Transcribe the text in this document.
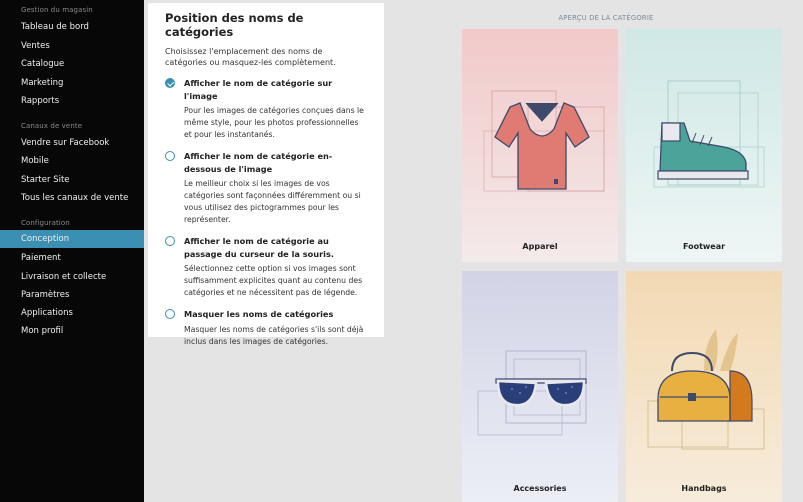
Gestion du magasin
Tableau de bord
Ventes
Catalogue
Marketing
Rapports
Canaux de vente
Vendre sur Facebook
Mobile
Starter Site
Tous les canaux de vente
Configuration
Conception
Paiement
Livraison et collecte
Paramètres
Applications
Mon profil
APERÇU DE LA CATÉGORIE
Apparel	Footwear
Accessories	Handbags
Position des noms de catégories
Choisissez l'emplacement des noms de catégories ou masquez-les complètement.
Afficher le nom de catégorie sur l'image
Pour les images de catégories conçues dans le même style, pour les photos professionnelles et pour les instantanés.
Afficher le nom de catégorie en-dessous de l'image
Le meilleur choix si les images de vos catégories sont façonnées différemment ou si vous utilisez des pictogrammes pour les représenter.
Afficher le nom de catégorie au passage du curseur de la souris.
Sélectionnez cette option si vos images sont suffisamment explicites quant au contenu des catégories et ne nécessitent pas de légende.
Masquer les noms de catégories
Masquer les noms de catégories s'ils sont déjà inclus dans les images de catégories.
